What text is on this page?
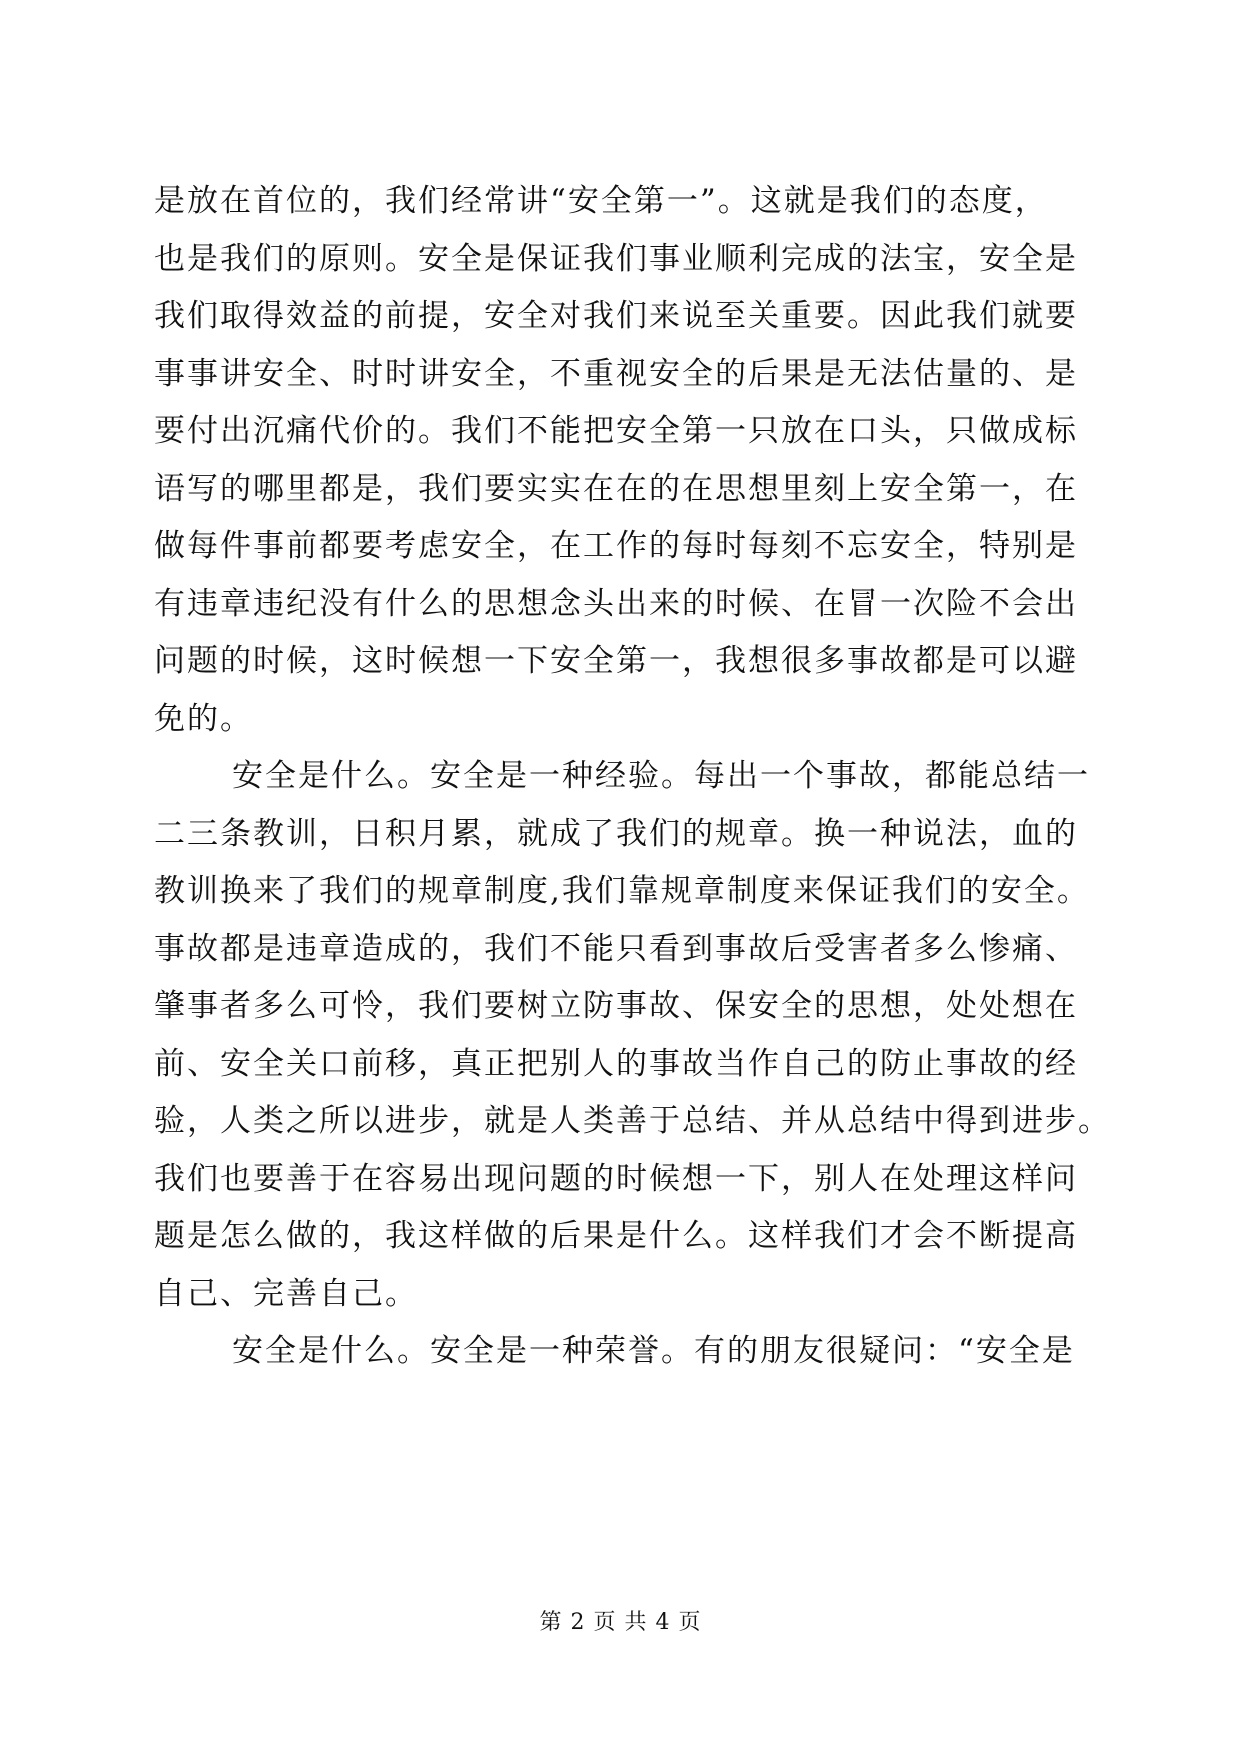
是放在首位的，我们经常讲“安全第一”。这就是我们的态度，
也是我们的原则。安全是保证我们事业顺利完成的法宝，安全是
我们取得效益的前提，安全对我们来说至关重要。因此我们就要
事事讲安全、时时讲安全，不重视安全的后果是无法估量的、是
要付出沉痛代价的。我们不能把安全第一只放在口头，只做成标
语写的哪里都是，我们要实实在在的在思想里刻上安全第一，在
做每件事前都要考虑安全，在工作的每时每刻不忘安全，特别是
有违章违纪没有什么的思想念头出来的时候、在冒一次险不会出
问题的时候，这时候想一下安全第一，我想很多事故都是可以避
免的。
安全是什么。安全是一种经验。每出一个事故，都能总结一
二三条教训，日积月累，就成了我们的规章。换一种说法，血的
教训换来了我们的规章制度,我们靠规章制度来保证我们的安全。
事故都是违章造成的，我们不能只看到事故后受害者多么惨痛、
肇事者多么可怜，我们要树立防事故、保安全的思想，处处想在
前、安全关口前移，真正把别人的事故当作自己的防止事故的经
验，人类之所以进步，就是人类善于总结、并从总结中得到进步。
我们也要善于在容易出现问题的时候想一下，别人在处理这样问
题是怎么做的，我这样做的后果是什么。这样我们才会不断提高
自己、完善自己。
安全是什么。安全是一种荣誉。有的朋友很疑问：“安全是
第 2 页 共 4 页
